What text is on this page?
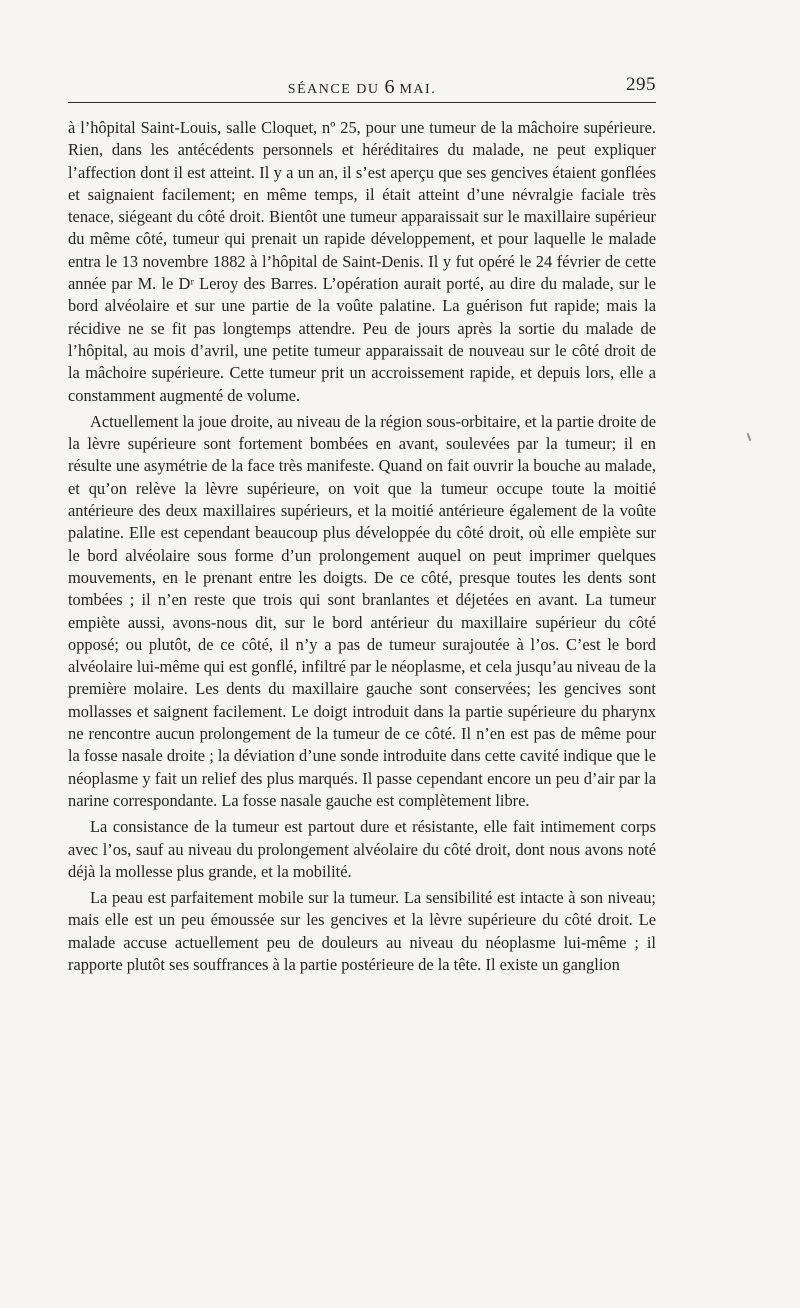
SÉANCE DU 6 MAI.	295

à l’hôpital Saint-Louis, salle Cloquet, nº 25, pour une tumeur de la mâchoire supérieure. Rien, dans les antécédents personnels et héréditaires du malade, ne peut expliquer l’affection dont il est atteint. Il y a un an, il s’est aperçu que ses gencives étaient gonflées et saignaient facilement; en même temps, il était atteint d’une névralgie faciale très tenace, siégeant du côté droit. Bientôt une tumeur apparaissait sur le maxillaire supérieur du même côté, tumeur qui prenait un rapide développement, et pour laquelle le malade entra le 13 novembre 1882 à l’hôpital de Saint-Denis. Il y fut opéré le 24 février de cette année par M. le Dʳ Leroy des Barres. L’opération aurait porté, au dire du malade, sur le bord alvéolaire et sur une partie de la voûte palatine. La guérison fut rapide; mais la récidive ne se fit pas longtemps attendre. Peu de jours après la sortie du malade de l’hôpital, au mois d’avril, une petite tumeur apparaissait de nouveau sur le côté droit de la mâchoire supérieure. Cette tumeur prit un accroissement rapide, et depuis lors, elle a constamment augmenté de volume.

Actuellement la joue droite, au niveau de la région sous-orbitaire, et la partie droite de la lèvre supérieure sont fortement bombées en avant, soulevées par la tumeur; il en résulte une asymétrie de la face très manifeste. Quand on fait ouvrir la bouche au malade, et qu’on relève la lèvre supérieure, on voit que la tumeur occupe toute la moitié antérieure des deux maxillaires supérieurs, et la moitié antérieure également de la voûte palatine. Elle est cependant beaucoup plus développée du côté droit, où elle empiète sur le bord alvéolaire sous forme d’un prolongement auquel on peut imprimer quelques mouvements, en le prenant entre les doigts. De ce côté, presque toutes les dents sont tombées ; il n’en reste que trois qui sont branlantes et déjetées en avant. La tumeur empiète aussi, avons-nous dit, sur le bord antérieur du maxillaire supérieur du côté opposé; ou plutôt, de ce côté, il n’y a pas de tumeur surajoutée à l’os. C’est le bord alvéolaire lui-même qui est gonflé, infiltré par le néoplasme, et cela jusqu’au niveau de la première molaire. Les dents du maxillaire gauche sont conservées; les gencives sont mollasses et saignent facilement. Le doigt introduit dans la partie supérieure du pharynx ne rencontre aucun prolongement de la tumeur de ce côté. Il n’en est pas de même pour la fosse nasale droite ; la déviation d’une sonde introduite dans cette cavité indique que le néoplasme y fait un relief des plus marqués. Il passe cependant encore un peu d’air par la narine correspondante. La fosse nasale gauche est complètement libre.

La consistance de la tumeur est partout dure et résistante, elle fait intimement corps avec l’os, sauf au niveau du prolongement alvéolaire du côté droit, dont nous avons noté déjà la mollesse plus grande, et la mobilité.

La peau est parfaitement mobile sur la tumeur. La sensibilité est intacte à son niveau; mais elle est un peu émoussée sur les gencives et la lèvre supérieure du côté droit. Le malade accuse actuellement peu de douleurs au niveau du néoplasme lui-même ; il rapporte plutôt ses souffrances à la partie postérieure de la tête. Il existe un ganglion
